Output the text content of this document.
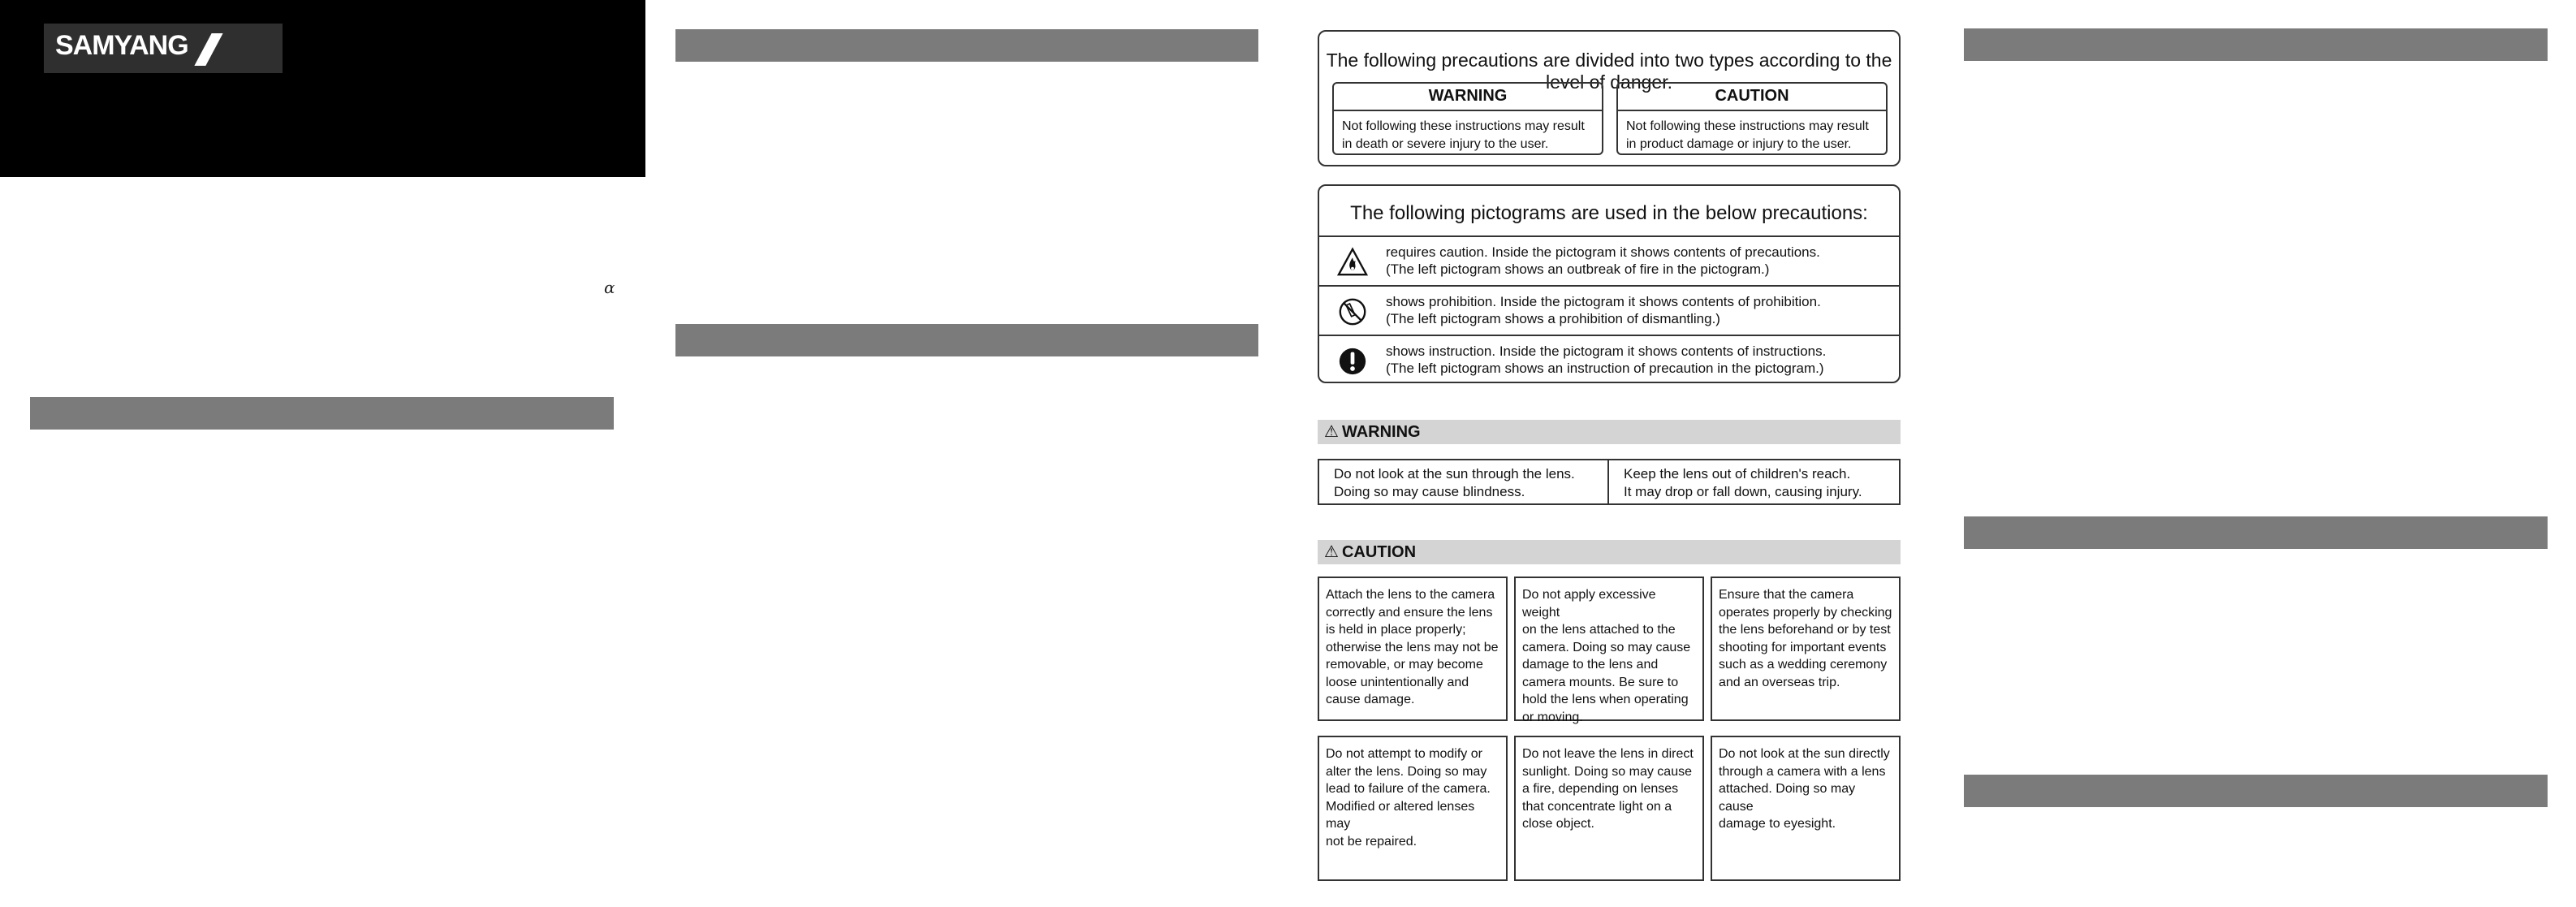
SAMYANG
α
The following precautions are divided into two types according to the level of danger.
WARNING
Not following these instructions may result in death or severe injury to the user.
CAUTION
Not following these instructions may result in product damage or injury to the user.
The following pictograms are used in the below precautions:
requires caution. Inside the pictogram it shows contents of precautions.
(The left pictogram shows an outbreak of fire in the pictogram.)
shows prohibition. Inside the pictogram it shows contents of prohibition.
(The left pictogram shows a prohibition of dismantling.)
shows instruction. Inside the pictogram it shows contents of instructions.
(The left pictogram shows an instruction of precaution in the pictogram.)
⚠ WARNING
Do not look at the sun through the lens.
Doing so may cause blindness.
Keep the lens out of children's reach.
It may drop or fall down, causing injury.
⚠ CAUTION
Attach the lens to the camera
correctly and ensure the lens
is held in place properly;
otherwise the lens may not be
removable, or may become
loose unintentionally and
cause damage.
Do not apply excessive weight
on the lens attached to the
camera. Doing so may cause
damage to the lens and
camera mounts. Be sure to
hold the lens when operating
or moving.
Ensure that the camera
operates properly by checking
the lens beforehand or by test
shooting for important events
such as a wedding ceremony
and an overseas trip.
Do not attempt to modify or
alter the lens. Doing so may
lead to failure of the camera.
Modified or altered lenses may
not be repaired.
Do not leave the lens in direct
sunlight. Doing so may cause
a fire, depending on lenses
that concentrate light on a
close object.
Do not look at the sun directly
through a camera with a lens
attached. Doing so may cause
damage to eyesight.
